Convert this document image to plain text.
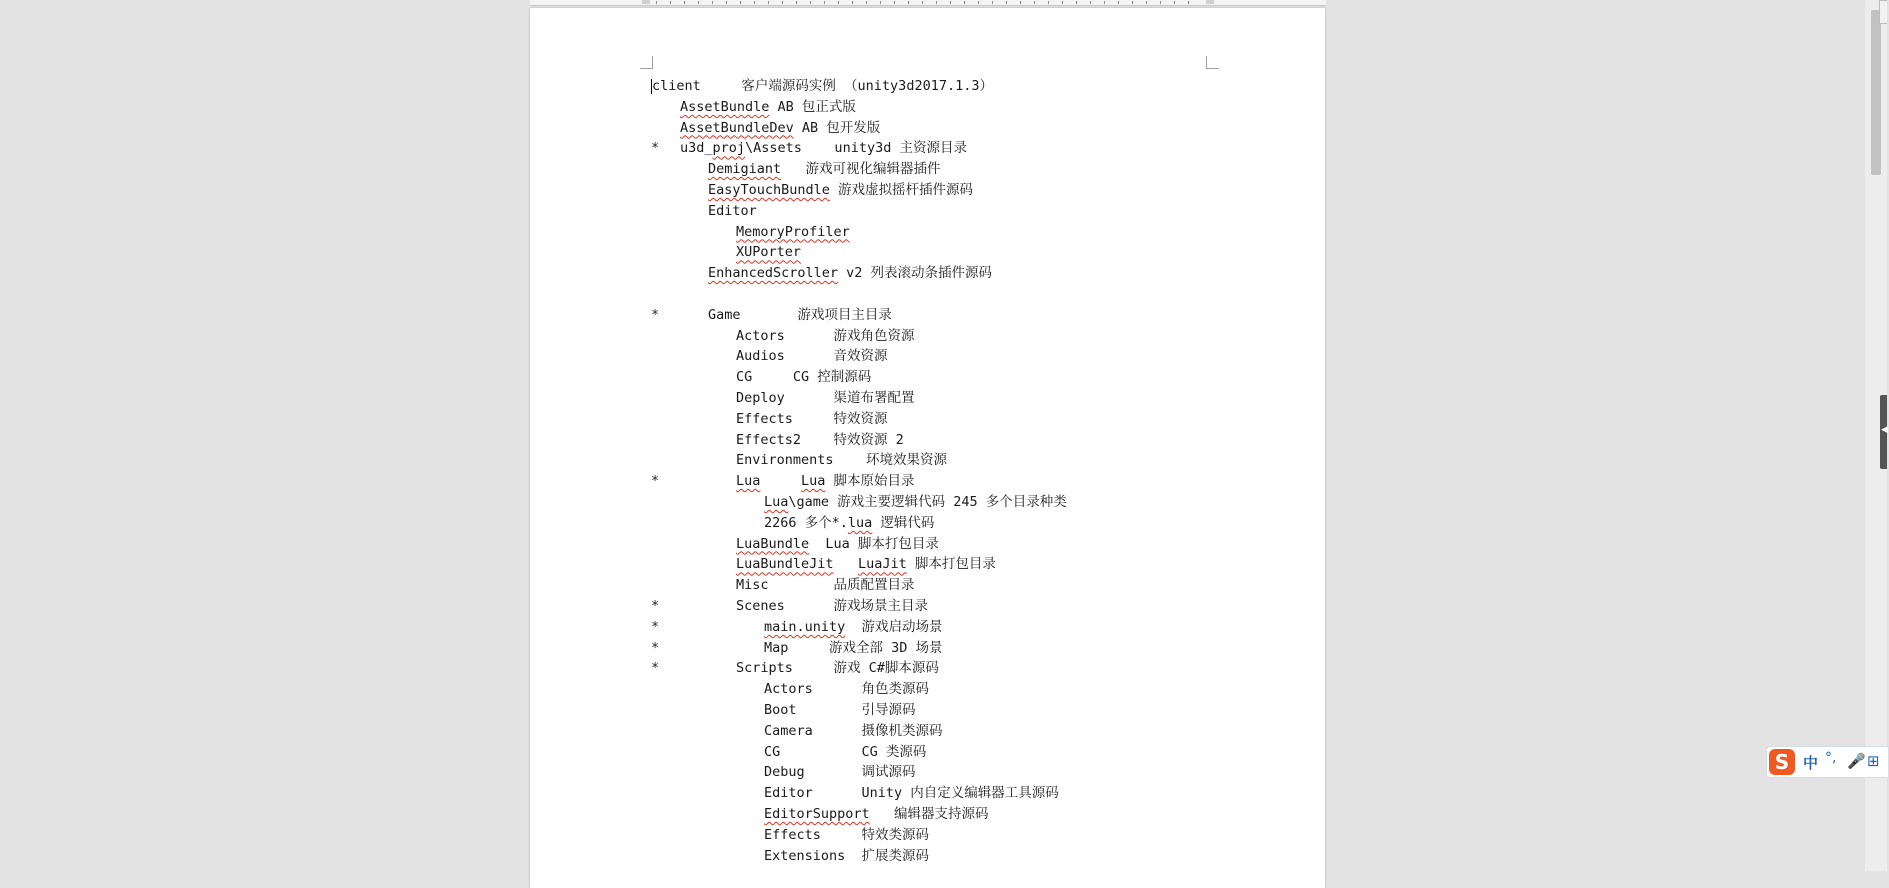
client     客户端源码实例 （unity3d2017.1.3）
AssetBundle AB 包正式版
AssetBundleDev AB 包开发版
* u3d_proj\Assets    unity3d 主资源目录
Demigiant   游戏可视化编辑器插件
EasyTouchBundle 游戏虚拟摇杆插件源码
Editor
MemoryProfiler
XUPorter
EnhancedScroller v2 列表滚动条插件源码
*	Game       游戏项目主目录
Actors      游戏角色资源
Audios      音效资源
CG     CG 控制源码
Deploy      渠道布署配置
Effects     特效资源
Effects2    特效资源 2
Environments    环境效果资源
*	Lua	Lua 脚本原始目录
Lua\game 游戏主要逻辑代码 245 多个目录种类
2266 多个*.lua 逻辑代码
LuaBundle  Lua 脚本打包目录
LuaBundleJit LuaJit 脚本打包目录
Misc        品质配置目录
*	Scenes      游戏场景主目录
*	main.unity  游戏启动场景
*	Map     游戏全部 3D 场景
*	Scripts     游戏 C#脚本源码
Actors      角色类源码
Boot        引导源码
Camera      摄像机类源码
CG          CG 类源码
Debug       调试源码
Editor      Unity 内自定义编辑器工具源码
EditorSupport   编辑器支持源码
Effects     特效类源码
Extensions  扩展类源码
◀
S 中 °, 🎤 ⊞
